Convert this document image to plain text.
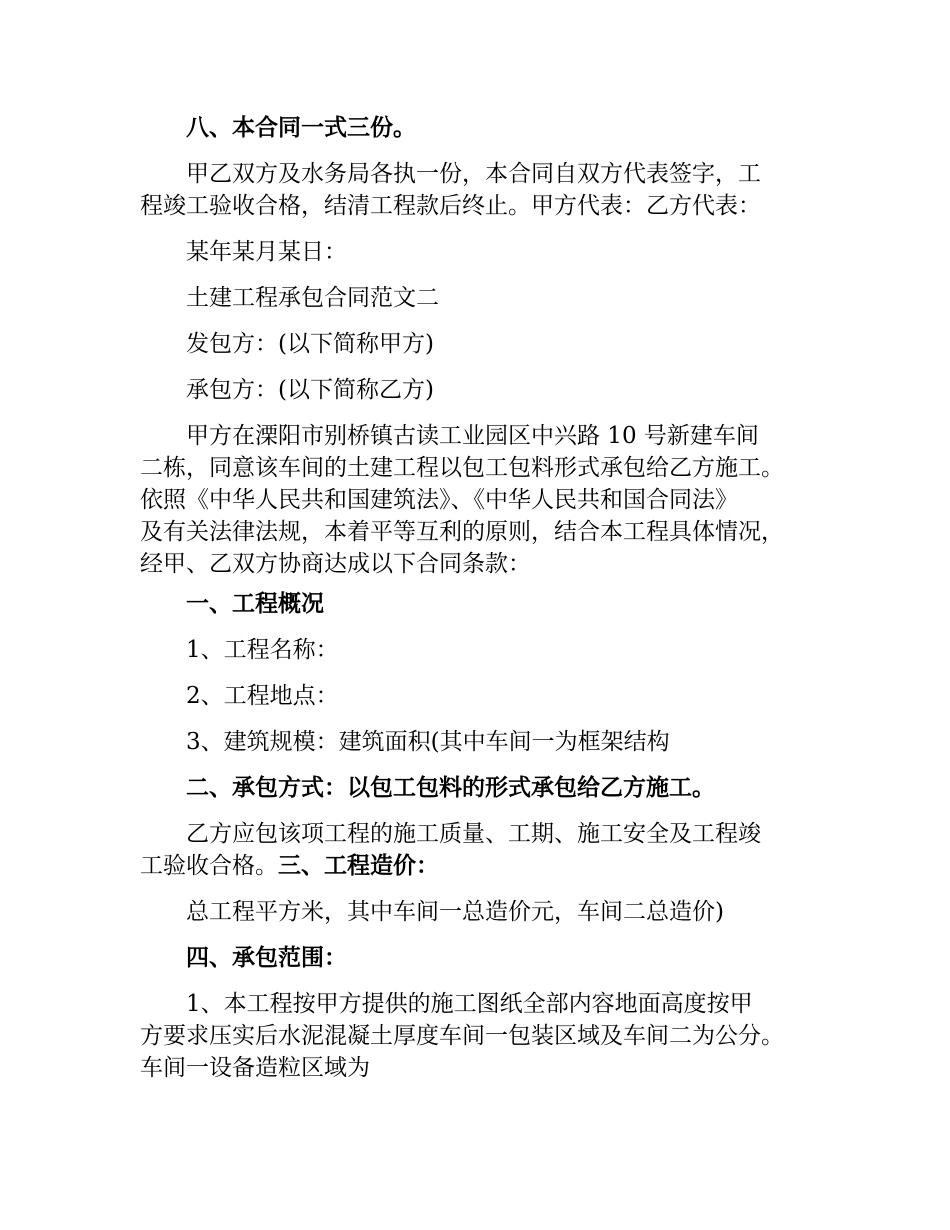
八、本合同一式三份。

甲乙双方及水务局各执一份，本合同自双方代表签字，工
程竣工验收合格，结清工程款后终止。甲方代表：乙方代表：

某年某月某日：

土建工程承包合同范文二

发包方：(以下简称甲方)

承包方：(以下简称乙方)

甲方在溧阳市别桥镇古读工业园区中兴路 10 号新建车间
二栋，同意该车间的土建工程以包工包料形式承包给乙方施工。
依照《中华人民共和国建筑法》、《中华人民共和国合同法》
及有关法律法规，本着平等互利的原则，结合本工程具体情况，
经甲、乙双方协商达成以下合同条款：

一、工程概况

1、工程名称：

2、工程地点：

3、建筑规模：建筑面积(其中车间一为框架结构

二、承包方式：以包工包料的形式承包给乙方施工。

乙方应包该项工程的施工质量、工期、施工安全及工程竣
工验收合格。三、工程造价：

总工程平方米，其中车间一总造价元，车间二总造价)

四、承包范围：

1、本工程按甲方提供的施工图纸全部内容地面高度按甲
方要求压实后水泥混凝土厚度车间一包装区域及车间二为公分。
车间一设备造粒区域为
